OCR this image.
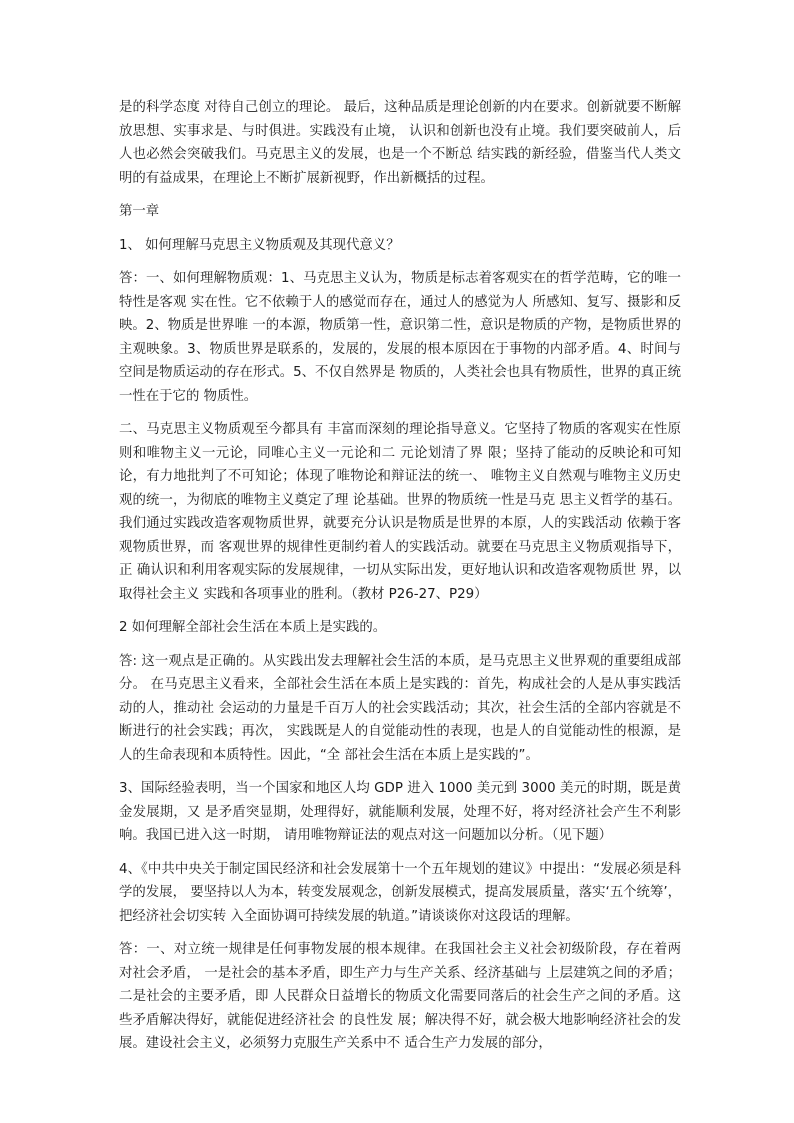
是的科学态度 对待自己创立的理论。 最后，这种品质是理论创新的内在要求。创新就要不断解放思想、实事求是、与时俱进。实践没有止境， 认识和创新也没有止境。我们要突破前人，后人也必然会突破我们。马克思主义的发展，也是一个不断总 结实践的新经验，借鉴当代人类文明的有益成果，在理论上不断扩展新视野，作出新概括的过程。

第一章

1、 如何理解马克思主义物质观及其现代意义？

答：一、如何理解物质观：1、马克思主义认为，物质是标志着客观实在的哲学范畴，它的唯一特性是客观 实在性。它不依赖于人的感觉而存在，通过人的感觉为人 所感知、复写、摄影和反映。2、物质是世界唯 一的本源，物质第一性，意识第二性，意识是物质的产物，是物质世界的主观映象。3、物质世界是联系的，发展的，发展的根本原因在于事物的内部矛盾。4、时间与空间是物质运动的存在形式。5、不仅自然界是 物质的，人类社会也具有物质性，世界的真正统一性在于它的 物质性。

二、马克思主义物质观至今都具有 丰富而深刻的理论指导意义。它坚持了物质的客观实在性原则和唯物主义一元论，同唯心主义一元论和二 元论划清了界 限；坚持了能动的反映论和可知论，有力地批判了不可知论；体现了唯物论和辩证法的统一、 唯物主义自然观与唯物主义历史观的统一，为彻底的唯物主义奠定了理 论基础。世界的物质统一性是马克 思主义哲学的基石。我们通过实践改造客观物质世界，就要充分认识是物质是世界的本原，人的实践活动 依赖于客观物质世界，而 客观世界的规律性更制约着人的实践活动。就要在马克思主义物质观指导下，正 确认识和利用客观实际的发展规律，一切从实际出发，更好地认识和改造客观物质世 界，以取得社会主义 实践和各项事业的胜利。（教材 P26-27、P29）

2 如何理解全部社会生活在本质上是实践的。

答: 这一观点是正确的。从实践出发去理解社会生活的本质，是马克思主义世界观的重要组成部分。 在马克思主义看来，全部社会生活在本质上是实践的：首先，构成社会的人是从事实践活动的人，推动社 会运动的力量是千百万人的社会实践活动；其次，社会生活的全部内容就是不断进行的社会实践；再次， 实践既是人的自觉能动性的表现，也是人的自觉能动性的根源，是人的生命表现和本质特性。因此，“全 部社会生活在本质上是实践的”。

3、国际经验表明，当一个国家和地区人均 GDP 进入 1000 美元到 3000 美元的时期，既是黄金发展期，又 是矛盾突显期，处理得好，就能顺利发展，处理不好，将对经济社会产生不利影响。我国已进入这一时期， 请用唯物辩证法的观点对这一问题加以分析。（见下题）

4、《中共中央关于制定国民经济和社会发展第十一个五年规划的建议》中提出：“发展必须是科学的发展， 要坚持以人为本，转变发展观念，创新发展模式，提高发展质量，落实‘五个统筹’，把经济社会切实转 入全面协调可持续发展的轨道。”请谈谈你对这段话的理解。

答：一、对立统一规律是任何事物发展的根本规律。在我国社会主义社会初级阶段，存在着两对社会矛盾， 一是社会的基本矛盾，即生产力与生产关系、经济基础与 上层建筑之间的矛盾；二是社会的主要矛盾，即 人民群众日益增长的物质文化需要同落后的社会生产之间的矛盾。这些矛盾解决得好，就能促进经济社会 的良性发 展；解决得不好，就会极大地影响经济社会的发展。建设社会主义，必须努力克服生产关系中不 适合生产力发展的部分，
